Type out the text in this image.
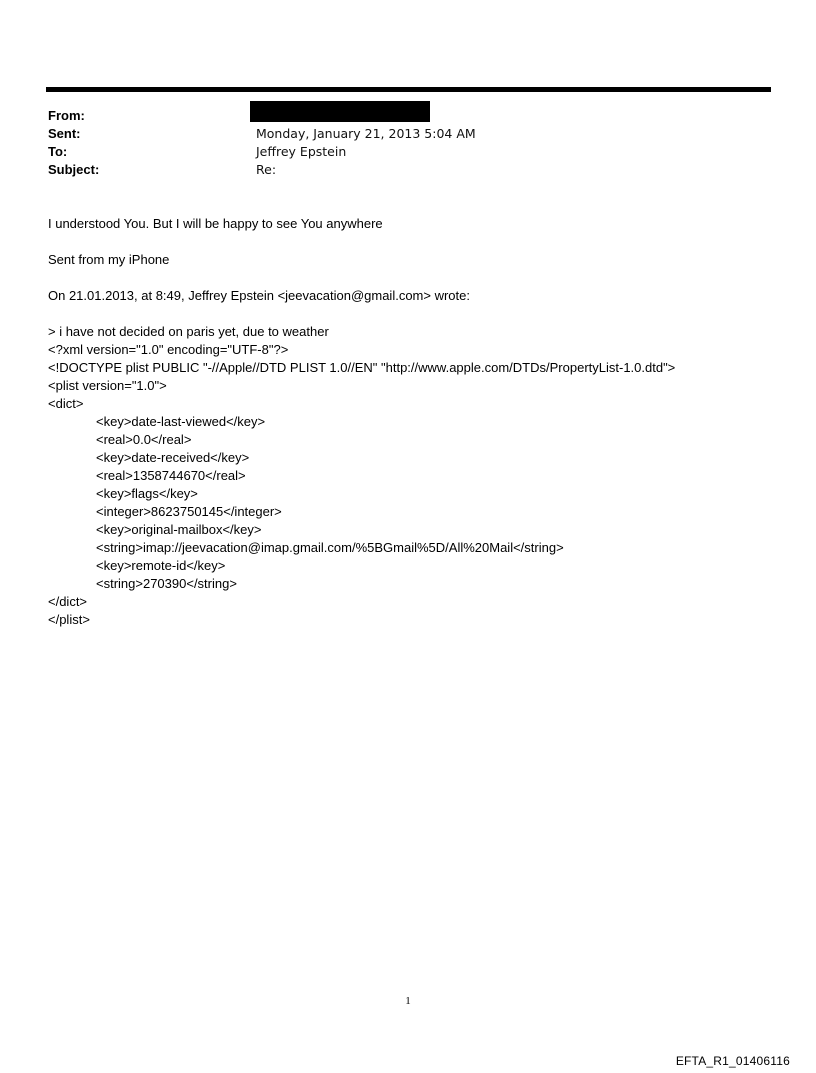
From:
Sent:	Monday, January 21, 2013 5:04 AM
To:	Jeffrey Epstein
Subject:	Re:
I understood You. But I will be happy to see You anywhere
Sent from my iPhone
On 21.01.2013, at 8:49, Jeffrey Epstein <jeevacation@gmail.com> wrote:
> i have not decided on paris yet, due to weather
<?xml version="1.0" encoding="UTF-8"?>
<!DOCTYPE plist PUBLIC "-//Apple//DTD PLIST 1.0//EN" "http://www.apple.com/DTDs/PropertyList-1.0.dtd">
<plist version="1.0">
<dict>
<key>date-last-viewed</key>
<real>0.0</real>
<key>date-received</key>
<real>1358744670</real>
<key>flags</key>
<integer>8623750145</integer>
<key>original-mailbox</key>
<string>imap://jeevacation@imap.gmail.com/%5BGmail%5D/All%20Mail</string>
<key>remote-id</key>
<string>270390</string>
</dict>
</plist>
1
EFTA_R1_01406116
